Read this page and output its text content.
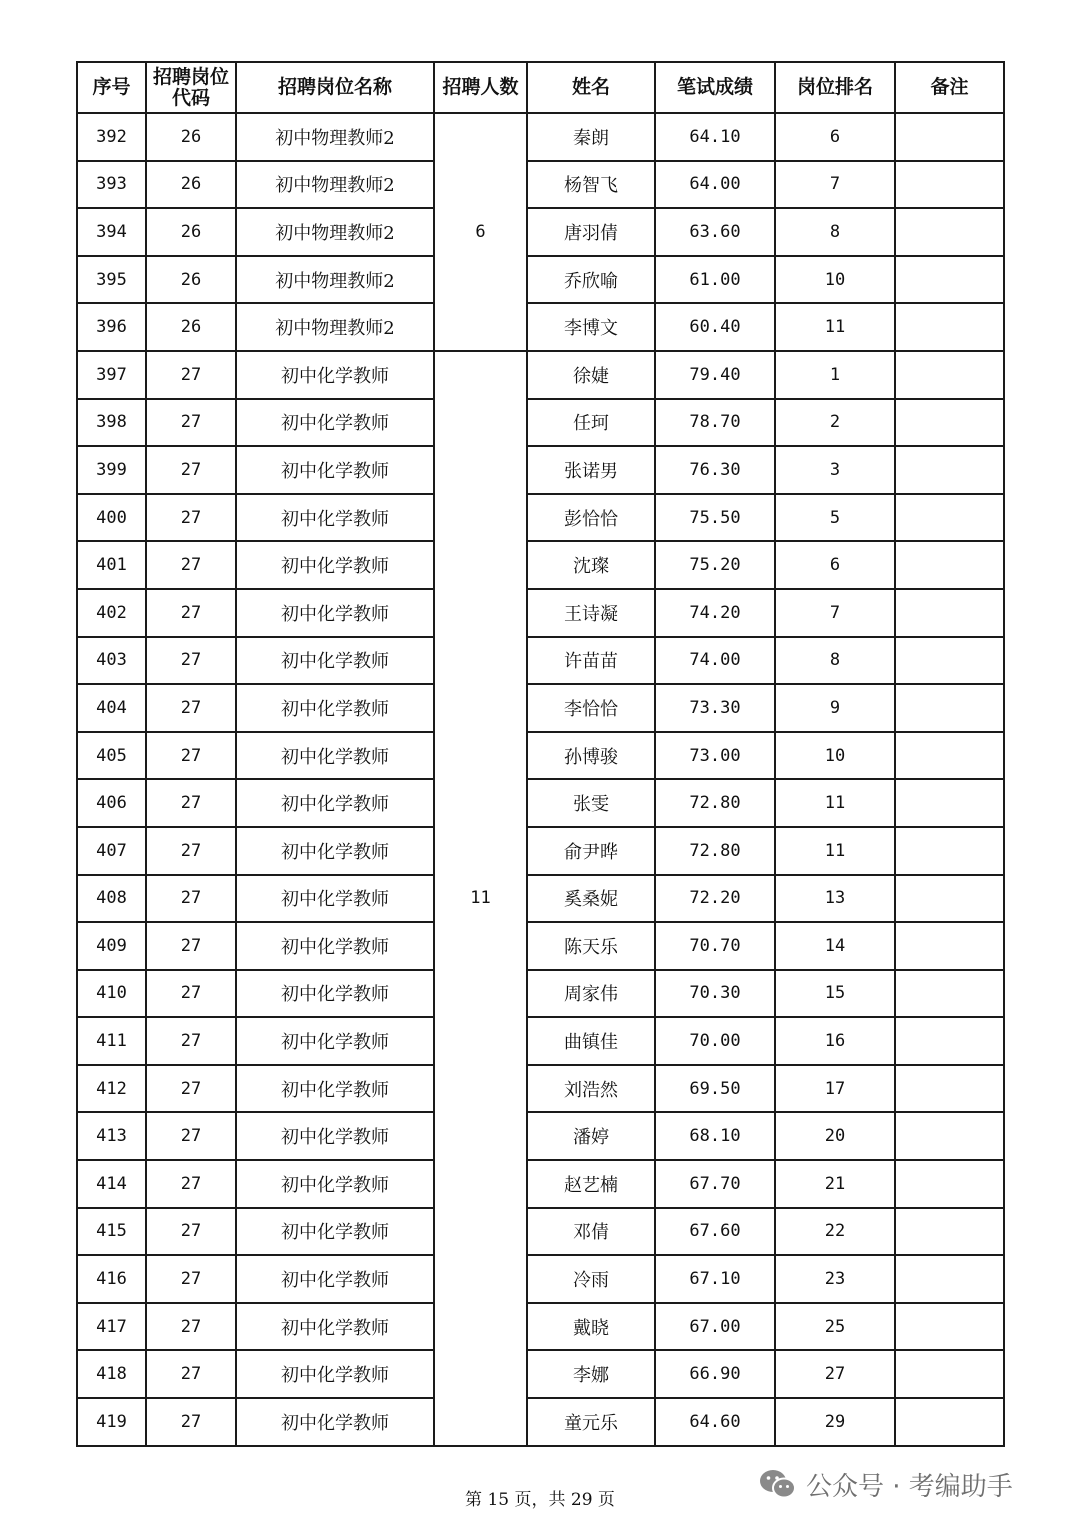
序号	招聘岗位代码	招聘岗位名称	招聘人数	姓名	笔试成绩	岗位排名	备注
392	26	初中物理教师2	6	秦朗	64.10	6	
393	26	初中物理教师2		杨智飞	64.00	7	
394	26	初中物理教师2		唐羽倩	63.60	8	
395	26	初中物理教师2		乔欣喻	61.00	10	
396	26	初中物理教师2		李博文	60.40	11	
397	27	初中化学教师	11	徐婕	79.40	1	
398	27	初中化学教师		任珂	78.70	2	
399	27	初中化学教师		张诺男	76.30	3	
400	27	初中化学教师		彭恰恰	75.50	5	
401	27	初中化学教师		沈璨	75.20	6	
402	27	初中化学教师		王诗凝	74.20	7	
403	27	初中化学教师		许苗苗	74.00	8	
404	27	初中化学教师		李恰恰	73.30	9	
405	27	初中化学教师		孙博骏	73.00	10	
406	27	初中化学教师		张雯	72.80	11	
407	27	初中化学教师		俞尹晔	72.80	11	
408	27	初中化学教师		奚桑妮	72.20	13	
409	27	初中化学教师		陈天乐	70.70	14	
410	27	初中化学教师		周家伟	70.30	15	
411	27	初中化学教师		曲镇佳	70.00	16	
412	27	初中化学教师		刘浩然	69.50	17	
413	27	初中化学教师		潘婷	68.10	20	
414	27	初中化学教师		赵艺楠	67.70	21	
415	27	初中化学教师		邓倩	67.60	22	
416	27	初中化学教师		冷雨	67.10	23	
417	27	初中化学教师		戴晓	67.00	25	
418	27	初中化学教师		李娜	66.90	27	
419	27	初中化学教师		童元乐	64.60	29	
第 15 页，共 29 页	公众号 · 考编助手
